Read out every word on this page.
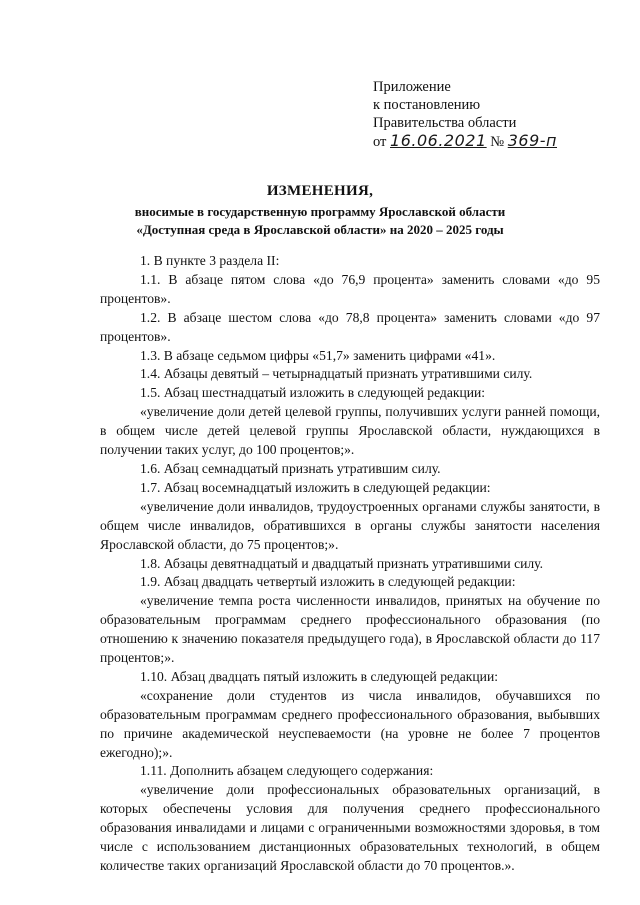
Приложение
к постановлению
Правительства области
от 16.06.2021 № 369-п
ИЗМЕНЕНИЯ,
вносимые в государственную программу Ярославской области
«Доступная среда в Ярославской области» на 2020 – 2025 годы

1. В пункте 3 раздела II:

1.1. В абзаце пятом слова «до 76,9 процента» заменить словами «до 95 процентов».

1.2. В абзаце шестом слова «до 78,8 процента» заменить словами «до 97 процентов».

1.3. В абзаце седьмом цифры «51,7» заменить цифрами «41».

1.4. Абзацы девятый – четырнадцатый признать утратившими силу.

1.5. Абзац шестнадцатый изложить в следующей редакции:

«увеличение доли детей целевой группы, получивших услуги ранней помощи, в общем числе детей целевой группы Ярославской области, нуждающихся в получении таких услуг, до 100 процентов;».

1.6. Абзац семнадцатый признать утратившим силу.

1.7. Абзац восемнадцатый изложить в следующей редакции:

«увеличение доли инвалидов, трудоустроенных органами службы занятости, в общем числе инвалидов, обратившихся в органы службы занятости населения Ярославской области, до 75 процентов;».

1.8. Абзацы девятнадцатый и двадцатый признать утратившими силу.

1.9. Абзац двадцать четвертый изложить в следующей редакции:

«увеличение темпа роста численности инвалидов, принятых на обучение по образовательным программам среднего профессионального образования (по отношению к значению показателя предыдущего года), в Ярославской области до 117 процентов;».

1.10. Абзац двадцать пятый изложить в следующей редакции:

«сохранение доли студентов из числа инвалидов, обучавшихся по образовательным программам среднего профессионального образования, выбывших по причине академической неуспеваемости (на уровне не более 7 процентов ежегодно);».

1.11. Дополнить абзацем следующего содержания:

«увеличение доли профессиональных образовательных организаций, в которых обеспечены условия для получения среднего профессионального образования инвалидами и лицами с ограниченными возможностями здоровья, в том числе с использованием дистанционных образовательных технологий, в общем количестве таких организаций Ярославской области до 70 процентов.».
